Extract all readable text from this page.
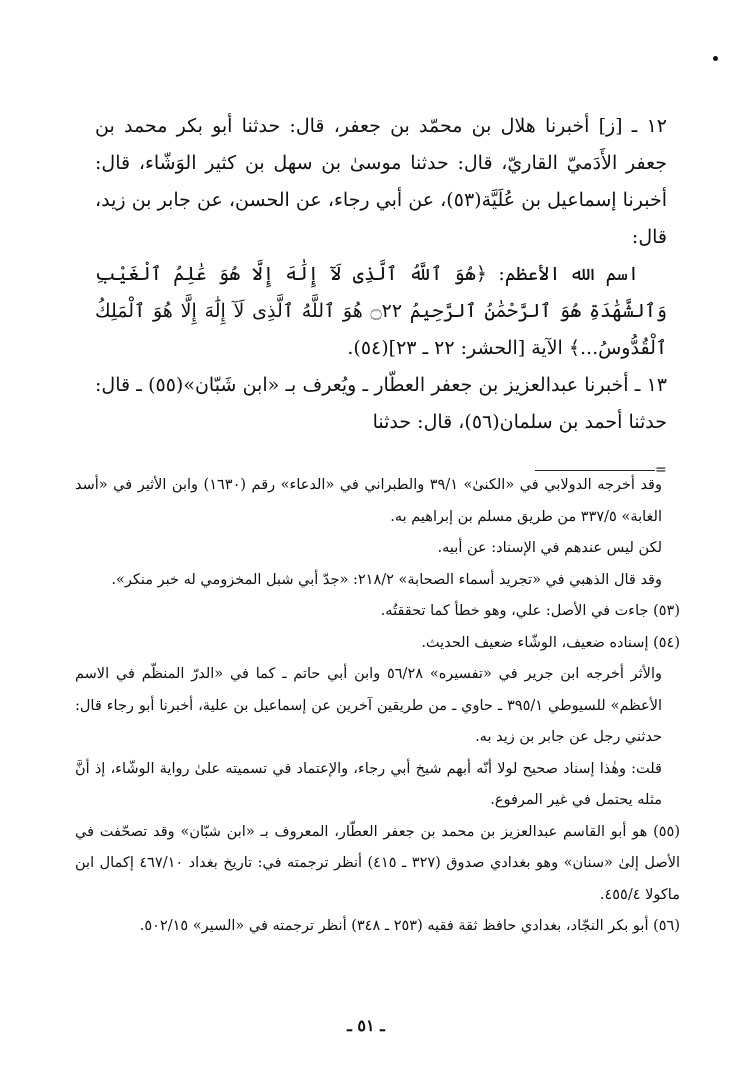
١٢ ـ [ز] أخبرنا هلال بن محمّد بن جعفر، قال: حدثنا أبو بكر محمد بن جعفر الأَدَميّ القاريّ، قال: حدثنا موسىٰ بن سهل بن كثير الوَشّاء، قال: أخبرنا إسماعيل بن عُلَيَّة(٥٣)، عن أبي رجاء، عن الحسن، عن جابر بن زيد، قال:

اسم الله الأعظم: ﴿هُوَ ٱللَّهُ ٱلَّذِى لَآ إِلَٰهَ إِلَّا هُوَ عَٰلِمُ ٱلْغَيْبِ وَٱلشَّهَٰدَةِ هُوَ ٱلرَّحْمَٰنُ ٱلرَّحِيمُ ۝٢٢ هُوَ ٱللَّهُ ٱلَّذِى لَآ إِلَٰهَ إِلَّا هُوَ ٱلْمَلِكُ ٱلْقُدُّوسُ...﴾ الآية [الحشر: ٢٢ ـ ٢٣](٥٤).

١٣ ـ أخبرنا عبدالعزيز بن جعفر العطّار ـ ويُعرف بـ «ابن شَبّان»(٥٥) ـ قال: حدثنا أحمد بن سلمان(٥٦)، قال: حدثنا

=

وقد أخرجه الدولابي في «الكنىٰ» ٣٩/١ والطبراني في «الدعاء» رقم (١٦٣٠) وابن الأثير في «أسد الغابة» ٣٣٧/٥ من طريق مسلم بن إبراهيم به.

لكن ليس عندهم في الإسناد: عن أبيه.

وقد قال الذهبي في «تجريد أسماء الصحابة» ٢١٨/٢: «جدّ أبي شبل المخزومي له خبر منكر».

(٥٣) جاءت في الأصل: علي، وهو خطأ كما تحققتُه.

(٥٤) إسناده ضعيف، الوشّاء ضعيف الحديث.

والأثر أخرجه ابن جرير في «تفسيره» ٥٦/٢٨ وابن أبي حاتم ـ كما في «الدرّ المنظّم في الاسم الأعظم» للسيوطي ٣٩٥/١ ـ حاوي ـ من طريقين آخرين عن إسماعيل بن علية، أخبرنا أبو رجاء قال: حدثني رجل عن جابر بن زيد به.

قلت: وهٰذا إسناد صحيح لولا أنّه أبهم شيخ أبي رجاء، والإعتماد في تسميته علىٰ رواية الوشّاء، إذ أنَّ مثله يحتمل في غير المرفوع.

(٥٥) هو أبو القاسم عبدالعزيز بن محمد بن جعفر العطّار، المعروف بـ «ابن شبّان» وقد تصحّفت في الأصل إلىٰ «سنان» وهو بغدادي صدوق (٣٢٧ ـ ٤١٥) أنظر ترجمته في: تاريخ بغداد ٤٦٧/١٠ إكمال ابن ماكولا ٤٥٥/٤.

(٥٦) أبو بكر النجّاد، بغدادي حافظ ثقة فقيه (٢٥٣ ـ ٣٤٨) أنظر ترجمته في «السير» ٥٠٢/١٥.

ـ ٥١ ـ
